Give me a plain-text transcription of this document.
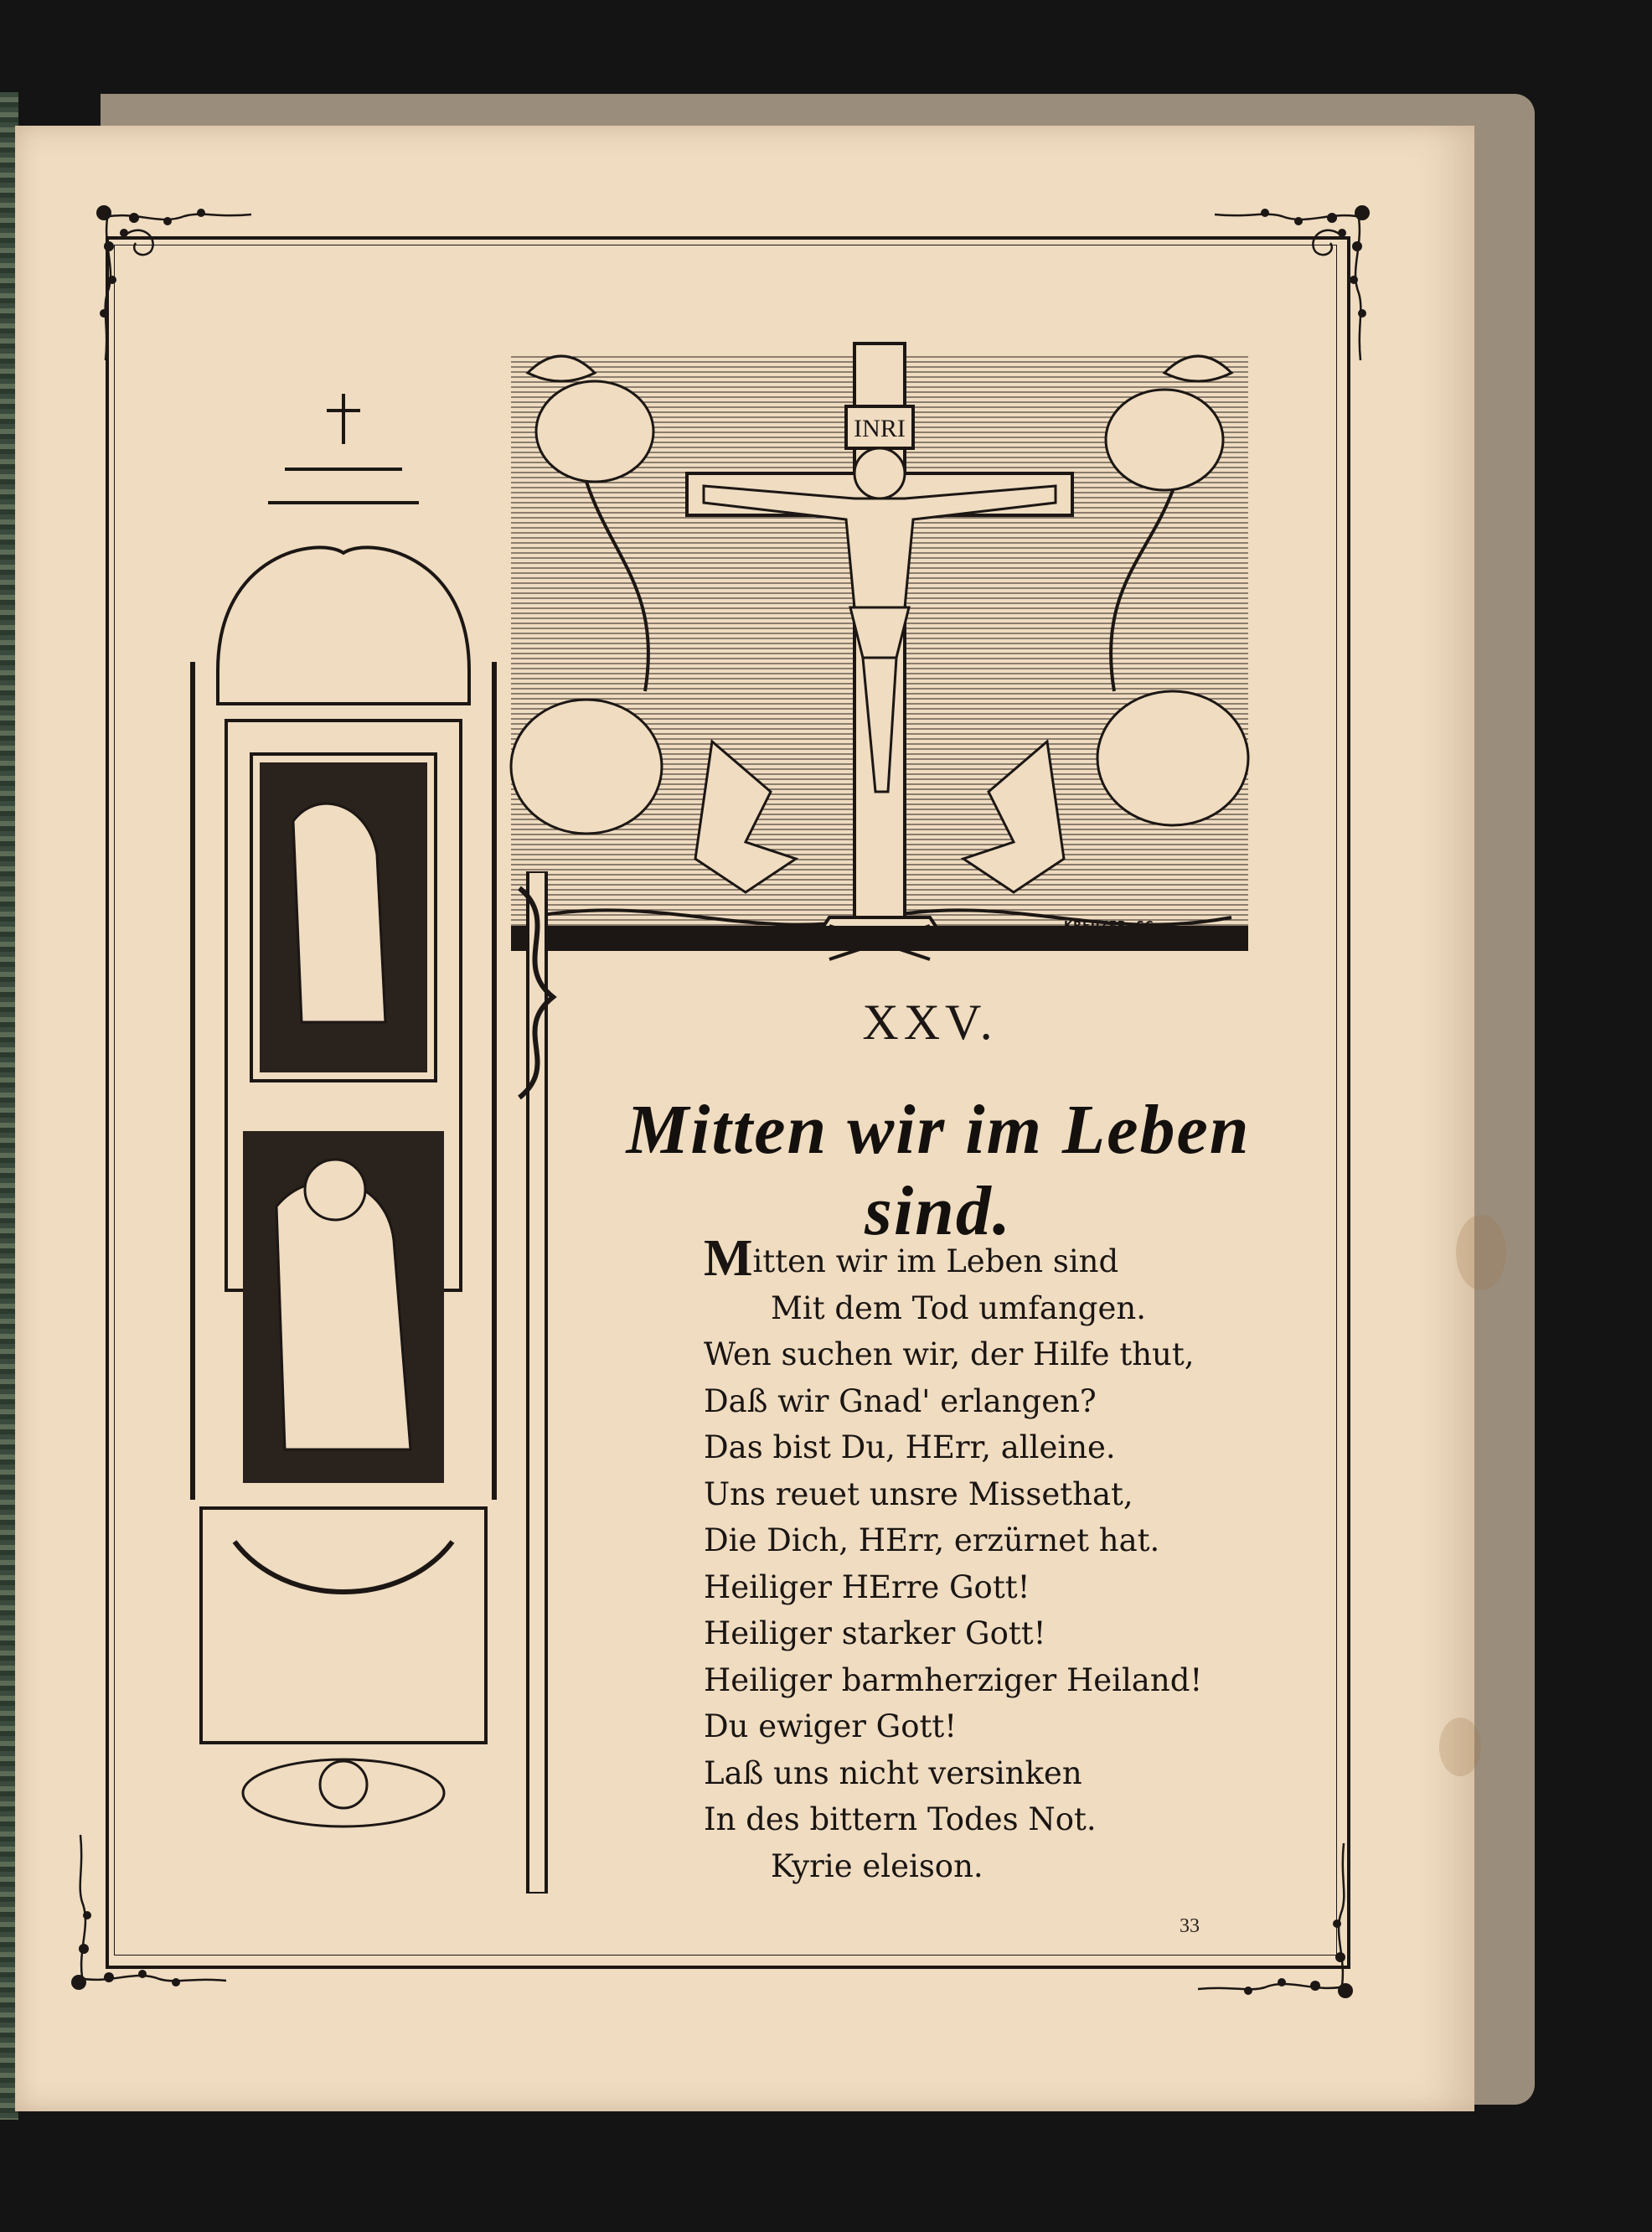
INRI
KREUZER, SC.
XXV.
Mitten wir im Leben sind.
Mitten wir im Leben sind
Mit dem Tod umfangen.
Wen suchen wir, der Hilfe thut,
Daß wir Gnad' erlangen?
Das bist Du, HErr, alleine.
Uns reuet unsre Missethat,
Die Dich, HErr, erzürnet hat.
Heiliger HErre Gott!
Heiliger starker Gott!
Heiliger barmherziger Heiland!
Du ewiger Gott!
Laß uns nicht versinken
In des bittern Todes Not.
Kyrie eleison.
33
